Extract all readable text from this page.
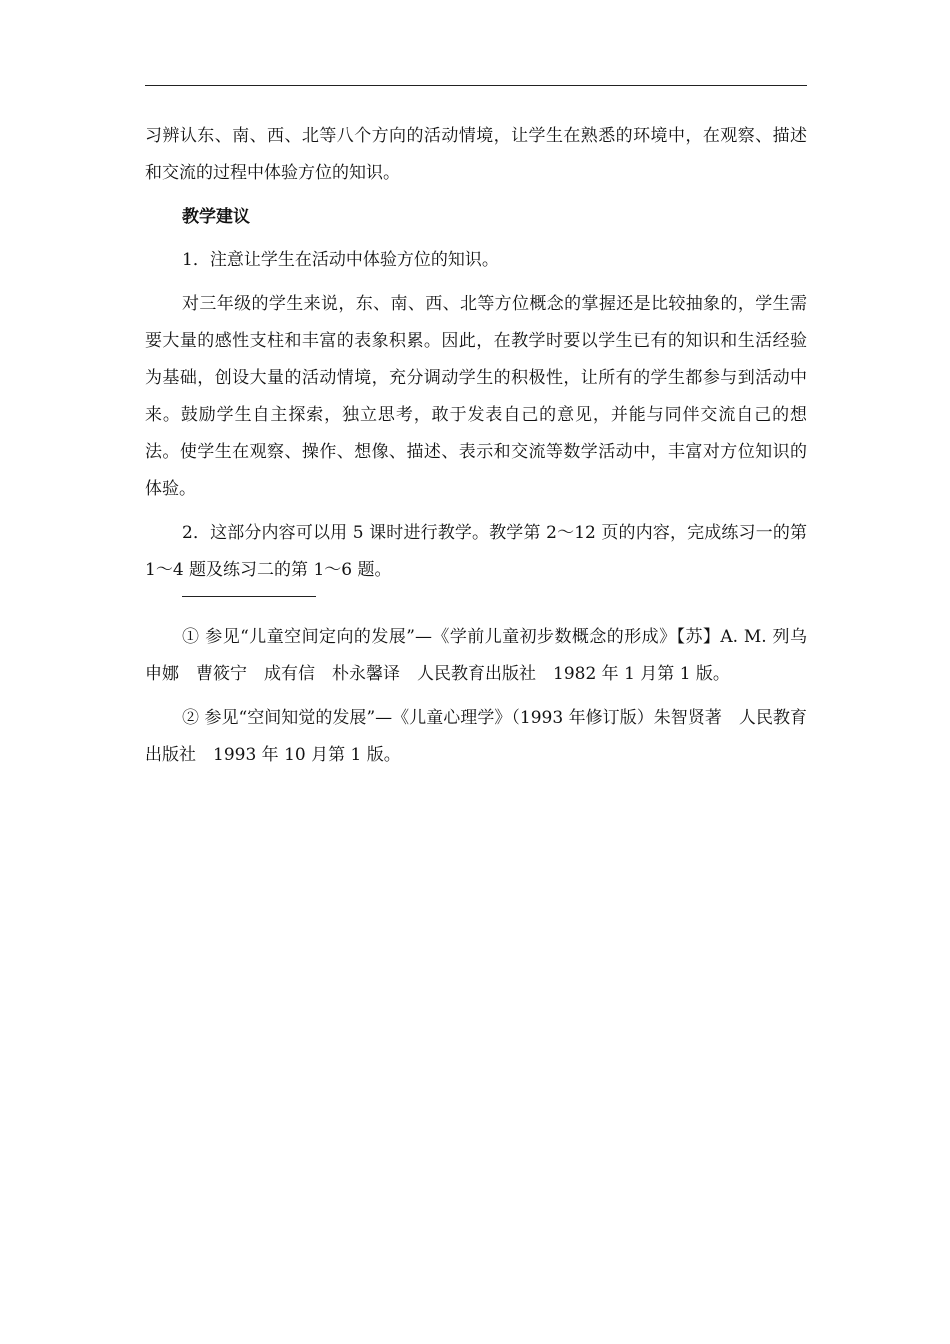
习辨认东、南、西、北等八个方向的活动情境，让学生在熟悉的环境中，在观察、描述和交流的过程中体验方位的知识。

教学建议

1．注意让学生在活动中体验方位的知识。

对三年级的学生来说，东、南、西、北等方位概念的掌握还是比较抽象的，学生需要大量的感性支柱和丰富的表象积累。因此，在教学时要以学生已有的知识和生活经验为基础，创设大量的活动情境，充分调动学生的积极性，让所有的学生都参与到活动中来。鼓励学生自主探索，独立思考，敢于发表自己的意见，并能与同伴交流自己的想法。使学生在观察、操作、想像、描述、表示和交流等数学活动中，丰富对方位知识的体验。

2．这部分内容可以用 5 课时进行教学。教学第 2～12 页的内容，完成练习一的第 1～4 题及练习二的第 1～6 题。

① 参见“儿童空间定向的发展”—《学前儿童初步数概念的形成》【苏】A. M. 列乌申娜　曹筱宁　成有信　朴永馨译　人民教育出版社　1982 年 1 月第 1 版。

② 参见“空间知觉的发展”—《儿童心理学》（1993 年修订版）朱智贤著　人民教育出版社　1993 年 10 月第 1 版。
